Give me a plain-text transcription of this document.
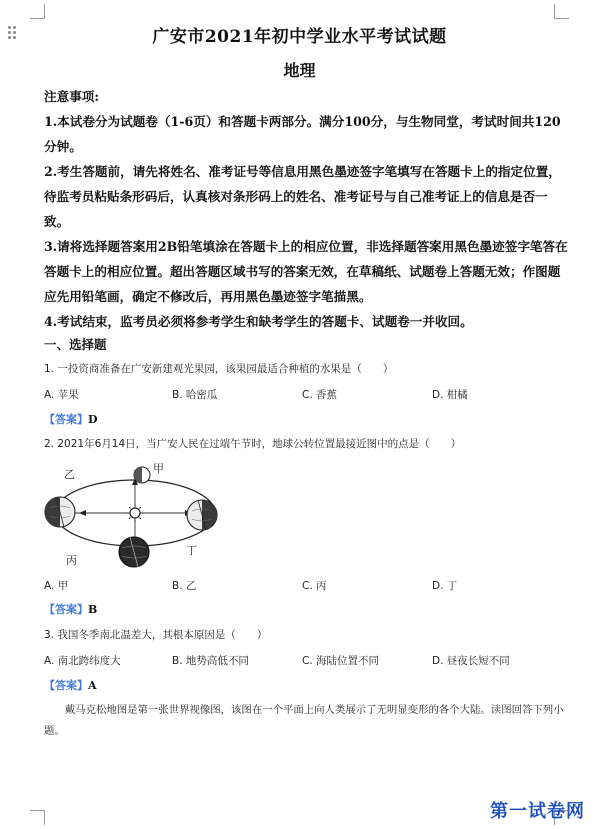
广安市2021年初中学业水平考试试题
地理

注意事项:

1.本试卷分为试题卷（1-6页）和答题卡两部分。满分100分，与生物同堂，考试时间共120分钟。

2.考生答题前，请先将姓名、准考证号等信息用黑色墨迹签字笔填写在答题卡上的指定位置，待监考员粘贴条形码后，认真核对条形码上的姓名、准考证号与自己准考证上的信息是否一致。

3.请将选择题答案用2B铅笔填涂在答题卡上的相应位置，非选择题答案用黑色墨迹签字笔答在答题卡上的相应位置。超出答题区域书写的答案无效，在草稿纸、试题卷上答题无效；作图题应先用铅笔画，确定不修改后，再用黑色墨迹签字笔描黑。

4.考试结束，监考员必须将参考学生和缺考学生的答题卡、试题卷一并收回。

一、选择题
1. 一投资商准备在广安新建观光果园，该果园最适合种植的水果是（　　）
A. 苹果	B. 哈密瓜	C. 香蕉	D. 柑橘
【答案】D
2. 2021年6月14日，当广安人民在过端午节时，地球公转位置最接近图中的点是（　　）
乙	甲
丙
丁
A. 甲	B. 乙	C. 丙	D. 丁
【答案】B
3. 我国冬季南北温差大，其根本原因是（　　）
A. 南北跨纬度大	B. 地势高低不同	C. 海陆位置不同	D. 昼夜长短不同
【答案】A
戴马克松地图是第一张世界视像图，该图在一个平面上向人类展示了无明显变形的各个大陆。读图回答下列小题。
第一试卷网
